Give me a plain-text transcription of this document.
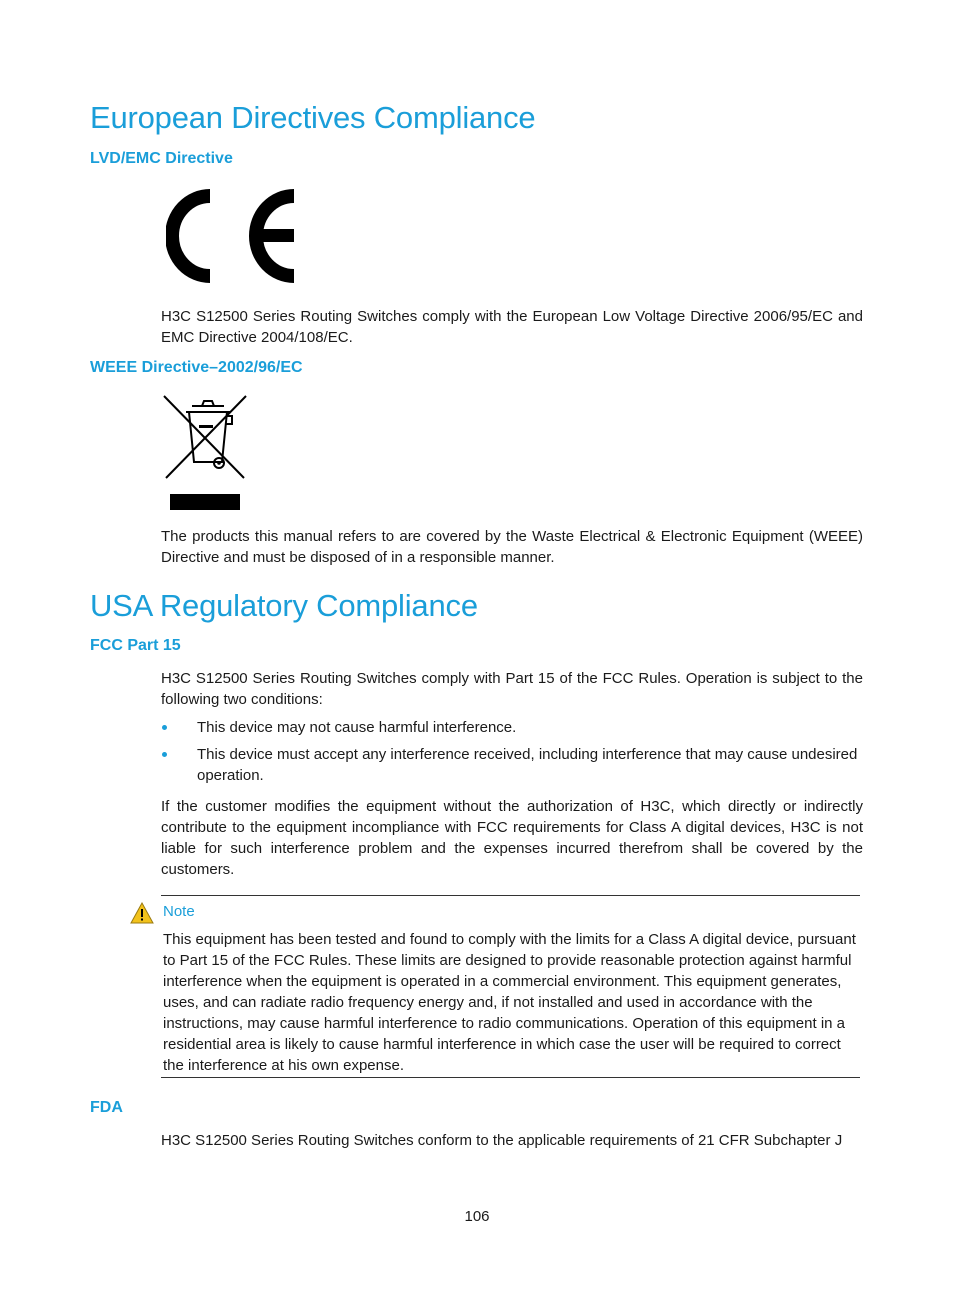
European Directives Compliance
LVD/EMC Directive

H3C S12500 Series Routing Switches comply with the European Low Voltage Directive 2006/95/EC and EMC Directive 2004/108/EC.

WEEE Directive–2002/96/EC

The products this manual refers to are covered by the Waste Electrical & Electronic Equipment (WEEE) Directive and must be disposed of in a responsible manner.

USA Regulatory Compliance
FCC Part 15

H3C S12500 Series Routing Switches comply with Part 15 of the FCC Rules. Operation is subject to the following two conditions:

This device may not cause harmful interference.
This device must accept any interference received, including interference that may cause undesired operation.

If the customer modifies the equipment without the authorization of H3C, which directly or indirectly contribute to the equipment incompliance with FCC requirements for Class A digital devices, H3C is not liable for such interference problem and the expenses incurred therefrom shall be covered by the customers.

Note

This equipment has been tested and found to comply with the limits for a Class A digital device, pursuant to Part 15 of the FCC Rules. These limits are designed to provide reasonable protection against harmful interference when the equipment is operated in a commercial environment. This equipment generates, uses, and can radiate radio frequency energy and, if not installed and used in accordance with the instructions, may cause harmful interference to radio communications. Operation of this equipment in a residential area is likely to cause harmful interference in which case the user will be required to correct the interference at his own expense.

FDA

H3C S12500 Series Routing Switches conform to the applicable requirements of 21 CFR Subchapter J

106
